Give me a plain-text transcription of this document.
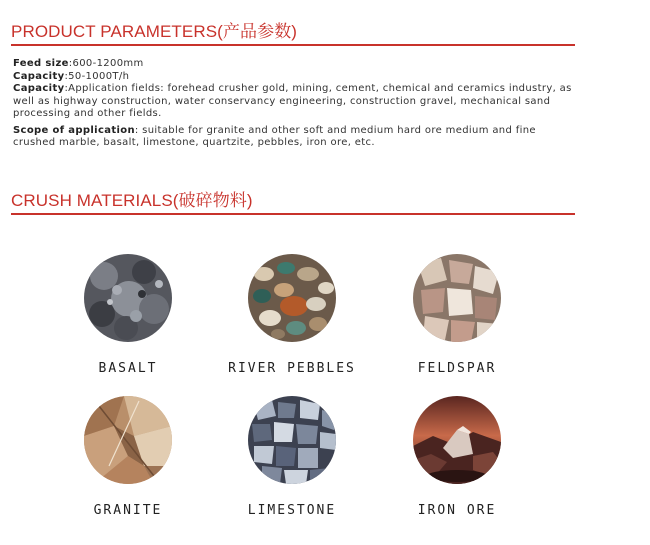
PRODUCT PARAMETERS(产品参数)

Feed size:600-1200mm

Capacity:50-1000T/h

Capacity:Application fields: forehead crusher gold, mining, cement, chemical and ceramics industry, as well as highway construction, water conservancy engineering, construction gravel, mechanical sand processing and other fields.

Scope of application: suitable for granite and other soft and medium hard ore medium and fine crushed marble, basalt, limestone, quartzite, pebbles, iron ore, etc.

CRUSH MATERIALS(破碎物料)
BASALT	RIVER PEBBLES	FELDSPAR
GRANITE	LIMESTONE	IRON ORE
